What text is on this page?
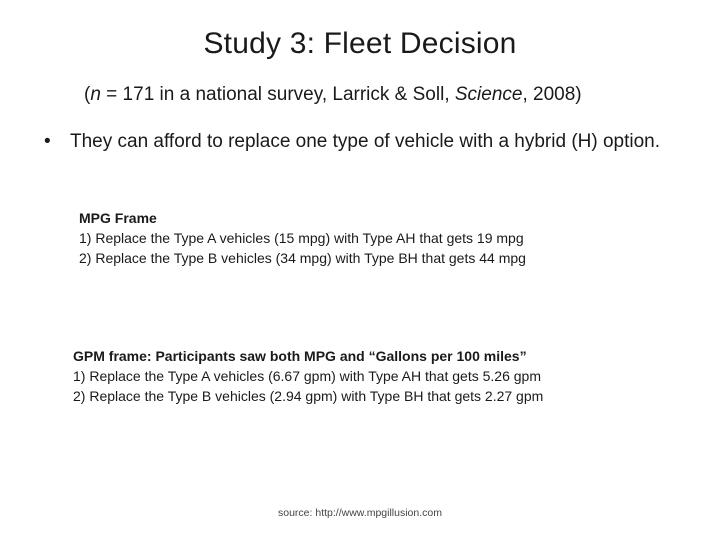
Study 3: Fleet Decision
(n = 171 in a national survey, Larrick & Soll, Science, 2008)
• They can afford to replace one type of vehicle with a hybrid (H) option.
MPG Frame
1) Replace the Type A vehicles (15 mpg) with Type AH that gets 19 mpg
2) Replace the Type B vehicles (34 mpg) with Type BH that gets 44 mpg
GPM frame: Participants saw both MPG and “Gallons per 100 miles”
1) Replace the Type A vehicles (6.67 gpm) with Type AH that gets 5.26 gpm
2) Replace the Type B vehicles (2.94 gpm) with Type BH that gets 2.27 gpm
source: http://www.mpgillusion.com
